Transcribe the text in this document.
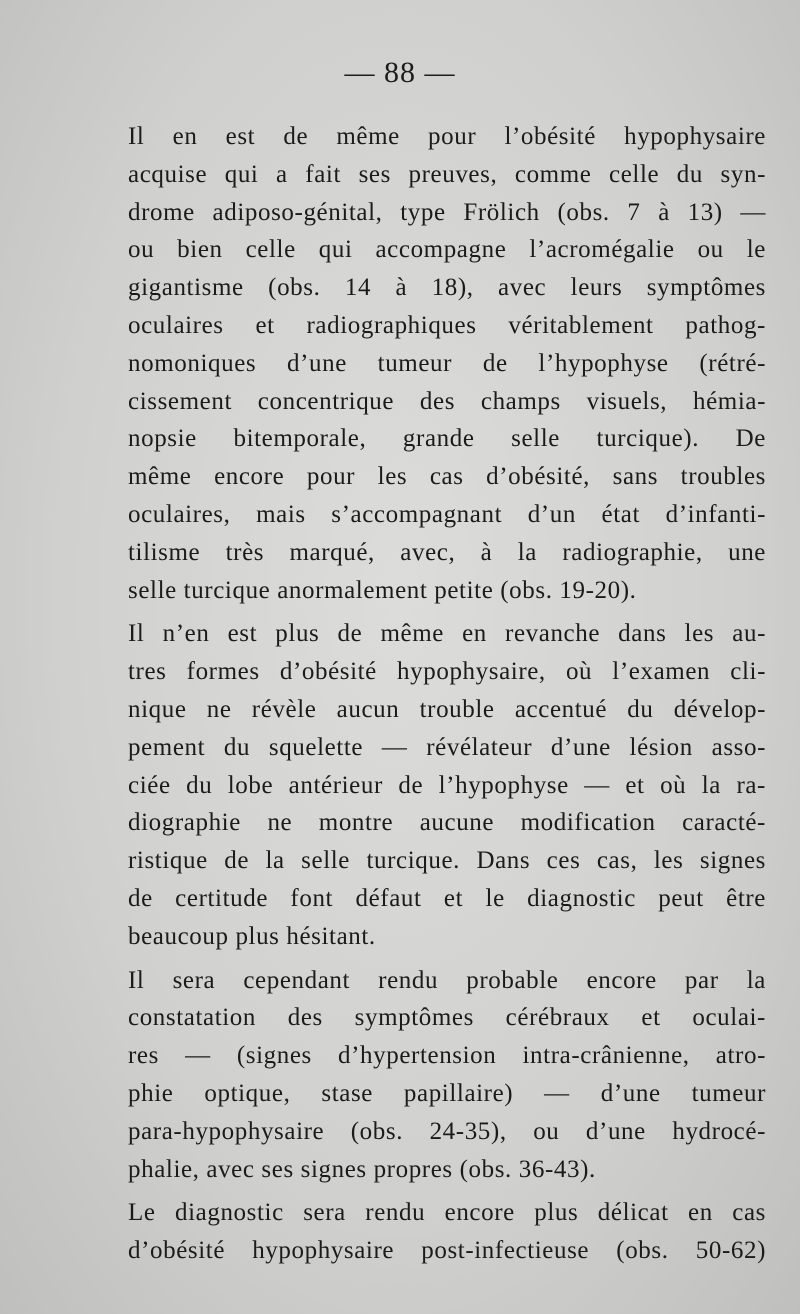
— 88 —
Il en est de même pour l’obésité hypophysaire
acquise qui a fait ses preuves, comme celle du syn-
drome adiposo-génital, type Frölich (obs. 7 à 13) —
ou bien celle qui accompagne l’acromégalie ou le
gigantisme (obs. 14 à 18), avec leurs symptômes
oculaires et radiographiques véritablement pathog-
nomoniques d’une tumeur de l’hypophyse (rétré-
cissement concentrique des champs visuels, hémia-
nopsie bitemporale, grande selle turcique). De
même encore pour les cas d’obésité, sans troubles
oculaires, mais s’accompagnant d’un état d’infanti-
tilisme très marqué, avec, à la radiographie, une
selle turcique anormalement petite (obs. 19-20).
Il n’en est plus de même en revanche dans les au-
tres formes d’obésité hypophysaire, où l’examen cli-
nique ne révèle aucun trouble accentué du dévelop-
pement du squelette — révélateur d’une lésion asso-
ciée du lobe antérieur de l’hypophyse — et où la ra-
diographie ne montre aucune modification caracté-
ristique de la selle turcique. Dans ces cas, les signes
de certitude font défaut et le diagnostic peut être
beaucoup plus hésitant.
Il sera cependant rendu probable encore par la
constatation des symptômes cérébraux et oculai-
res — (signes d’hypertension intra-crânienne, atro-
phie optique, stase papillaire) — d’une tumeur
para-hypophysaire (obs. 24-35), ou d’une hydrocé-
phalie, avec ses signes propres (obs. 36-43).
Le diagnostic sera rendu encore plus délicat en cas
d’obésité hypophysaire post-infectieuse (obs. 50-62)
